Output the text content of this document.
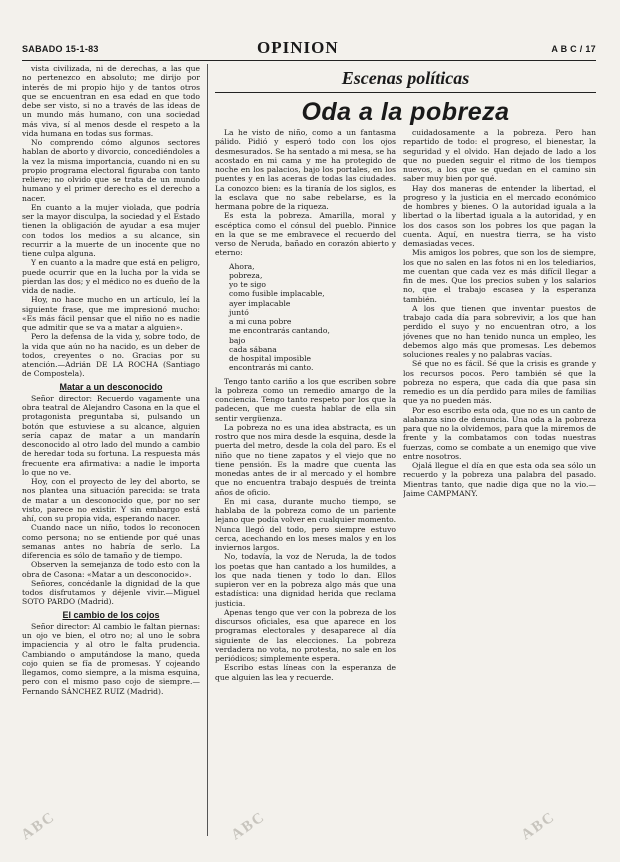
SABADO 15-1-83	OPINION	A B C / 17

vista civilizada, ni de derechas, a las que no pertenezco en absoluto; me dirijo por interés de mi propio hijo y de tantos otros que se encuentran en esa edad en que todo debe ser visto, si no a través de las ideas de un mundo más humano, con una sociedad más viva, sí al menos desde el respeto a la vida humana en todas sus formas.

No comprendo cómo algunos sectores hablan de aborto y divorcio, concediéndoles a la vez la misma importancia, cuando ni en su propio programa electoral figuraba con tanto relieve; no olvido que se trata de un mundo humano y el primer derecho es el derecho a nacer.

En cuanto a la mujer violada, que podría ser la mayor disculpa, la sociedad y el Estado tienen la obligación de ayudar a esa mujer con todos los medios a su alcance, sin recurrir a la muerte de un inocente que no tiene culpa alguna.

Y en cuanto a la madre que está en peligro, puede ocurrir que en la lucha por la vida se pierdan las dos; y el médico no es dueño de la vida de nadie.

Hoy, no hace mucho en un artículo, leí la siguiente frase, que me impresionó mucho: «Es más fácil pensar que el niño no es nadie que admitir que se va a matar a alguien».

Pero la defensa de la vida y, sobre todo, de la vida que aún no ha nacido, es un deber de todos, creyentes o no. Gracias por su atención.—Adrián DE LA ROCHA (Santiago de Compostela).

Matar a un desconocido

Señor director: Recuerdo vagamente una obra teatral de Alejandro Casona en la que el protagonista preguntaba si, pulsando un botón que estuviese a su alcance, alguien sería capaz de matar a un mandarín desconocido al otro lado del mundo a cambio de heredar toda su fortuna. La respuesta más frecuente era afirmativa: a nadie le importa lo que no ve.

Hoy, con el proyecto de ley del aborto, se nos plantea una situación parecida: se trata de matar a un desconocido que, por no ser visto, parece no existir. Y sin embargo está ahí, con su propia vida, esperando nacer.

Cuando nace un niño, todos lo reconocen como persona; no se entiende por qué unas semanas antes no habría de serlo. La diferencia es sólo de tamaño y de tiempo.

Observen la semejanza de todo esto con la obra de Casona: «Matar a un desconocido».

Señores, concédanle la dignidad de la que todos disfrutamos y déjenle vivir.—Miguel SOTO PARDO (Madrid).

El cambio de los cojos

Señor director: Al cambio le faltan piernas: un ojo ve bien, el otro no; al uno le sobra impaciencia y al otro le falta prudencia. Cambiando o amputándose la mano, queda cojo quien se fía de promesas. Y cojeando llegamos, como siempre, a la misma esquina, pero con el mismo paso cojo de siempre.—Fernando SÁNCHEZ RUIZ (Madrid).

Escenas políticas
Oda a la pobreza

La he visto de niño, como a un fantasma pálido. Pidió y esperó todo con los ojos desmesurados. Se ha sentado a mi mesa, se ha acostado en mi cama y me ha protegido de noche en los palacios, bajo los portales, en los puentes y en las aceras de todas las ciudades. La conozco bien: es la tiranía de los siglos, es la esclava que no sabe rebelarse, es la hermana pobre de la riqueza.

Es esta la pobreza. Amarilla, moral y escéptica como el cónsul del pueblo. Pinnice en la que se me embravece el recuerdo del verso de Neruda, bañado en corazón abierto y eterno:

Ahora,

pobreza,

yo te sigo

como fusible implacable,

ayer implacable

juntó

a mi cuna pobre

me encontrarás cantando,

bajo

cada sábana

de hospital imposible

encontrarás mi canto.

Tengo tanto cariño a los que escriben sobre la pobreza como un remedio amargo de la conciencia. Tengo tanto respeto por los que la padecen, que me cuesta hablar de ella sin sentir vergüenza.

La pobreza no es una idea abstracta, es un rostro que nos mira desde la esquina, desde la puerta del metro, desde la cola del paro. Es el niño que no tiene zapatos y el viejo que no tiene pensión. Es la madre que cuenta las monedas antes de ir al mercado y el hombre que no encuentra trabajo después de treinta años de oficio.

En mi casa, durante mucho tiempo, se hablaba de la pobreza como de un pariente lejano que podía volver en cualquier momento. Nunca llegó del todo, pero siempre estuvo cerca, acechando en los meses malos y en los inviernos largos.

No, todavía, la voz de Neruda, la de todos los poetas que han cantado a los humildes, a los que nada tienen y todo lo dan. Ellos supieron ver en la pobreza algo más que una estadística: una dignidad herida que reclama justicia.

Apenas tengo que ver con la pobreza de los discursos oficiales, esa que aparece en los programas electorales y desaparece al día siguiente de las elecciones. La pobreza verdadera no vota, no protesta, no sale en los periódicos; simplemente espera.

Escribo estas líneas con la esperanza de que alguien las lea y recuerde.

cuidadosamente a la pobreza. Pero han repartido de todo: el progreso, el bienestar, la seguridad y el olvido. Han dejado de lado a los que no pueden seguir el ritmo de los tiempos nuevos, a los que se quedan en el camino sin saber muy bien por qué.

Hay dos maneras de entender la libertad, el progreso y la justicia en el mercado económico de hombres y bienes. O la autoridad iguala a la libertad o la libertad iguala a la autoridad, y en los dos casos son los pobres los que pagan la cuenta. Aquí, en nuestra tierra, se ha visto demasiadas veces.

Mis amigos los pobres, que son los de siempre, los que no salen en las fotos ni en los telediarios, me cuentan que cada vez es más difícil llegar a fin de mes. Que los precios suben y los salarios no, que el trabajo escasea y la esperanza también.

A los que tienen que inventar puestos de trabajo cada día para sobrevivir, a los que han perdido el suyo y no encuentran otro, a los jóvenes que no han tenido nunca un empleo, les debemos algo más que promesas. Les debemos soluciones reales y no palabras vacías.

Sé que no es fácil. Sé que la crisis es grande y los recursos pocos. Pero también sé que la pobreza no espera, que cada día que pasa sin remedio es un día perdido para miles de familias que ya no pueden más.

Por eso escribo esta oda, que no es un canto de alabanza sino de denuncia. Una oda a la pobreza para que no la olvidemos, para que la miremos de frente y la combatamos con todas nuestras fuerzas, como se combate a un enemigo que vive entre nosotros.

Ojalá llegue el día en que esta oda sea sólo un recuerdo y la pobreza una palabra del pasado. Mientras tanto, que nadie diga que no la vio.—Jaime CAMPMANY.

ABC	ABC	ABC
